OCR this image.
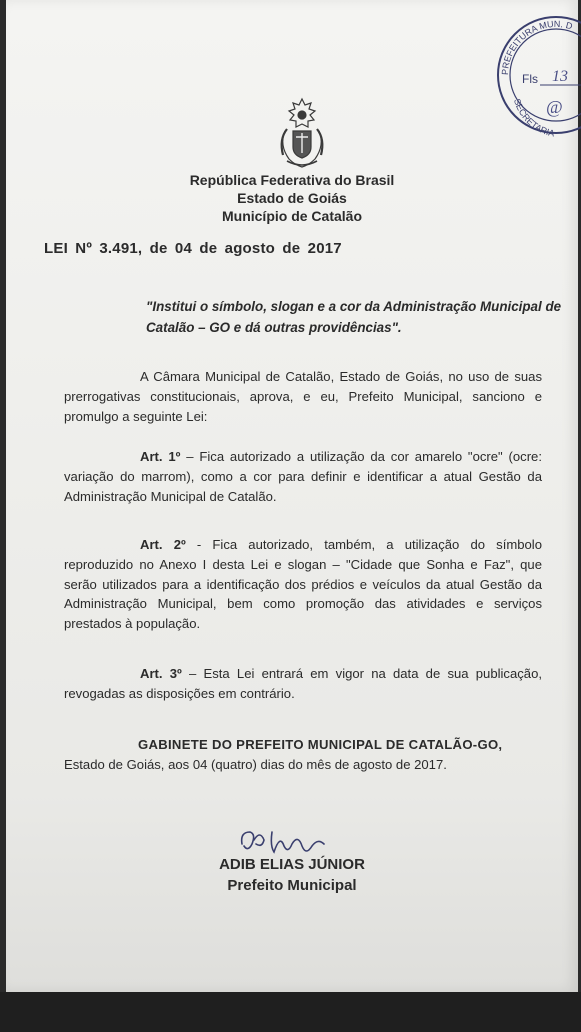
PREFEITURA MUN. D
SECRETARIA
Fls 13
@
República Federativa do Brasil
Estado de Goiás
Município de Catalão
LEI Nº 3.491, de 04 de agosto de 2017
"Institui o símbolo, slogan e a cor da Administração Municipal de Catalão – GO e dá outras providências".
A Câmara Municipal de Catalão, Estado de Goiás, no uso de suas prerrogativas constitucionais, aprova, e eu, Prefeito Municipal, sanciono e promulgo a seguinte Lei:
Art. 1º – Fica autorizado a utilização da cor amarelo "ocre" (ocre: variação do marrom), como a cor para definir e identificar a atual Gestão da Administração Municipal de Catalão.
Art. 2º - Fica autorizado, também, a utilização do símbolo reproduzido no Anexo I desta Lei e slogan – "Cidade que Sonha e Faz", que serão utilizados para a identificação dos prédios e veículos da atual Gestão da Administração Municipal, bem como promoção das atividades e serviços prestados à população.
Art. 3º – Esta Lei entrará em vigor na data de sua publicação, revogadas as disposições em contrário.
GABINETE DO PREFEITO MUNICIPAL DE CATALÃO-GO, Estado de Goiás, aos 04 (quatro) dias do mês de agosto de 2017.
ADIB ELIAS JÚNIOR
Prefeito Municipal
